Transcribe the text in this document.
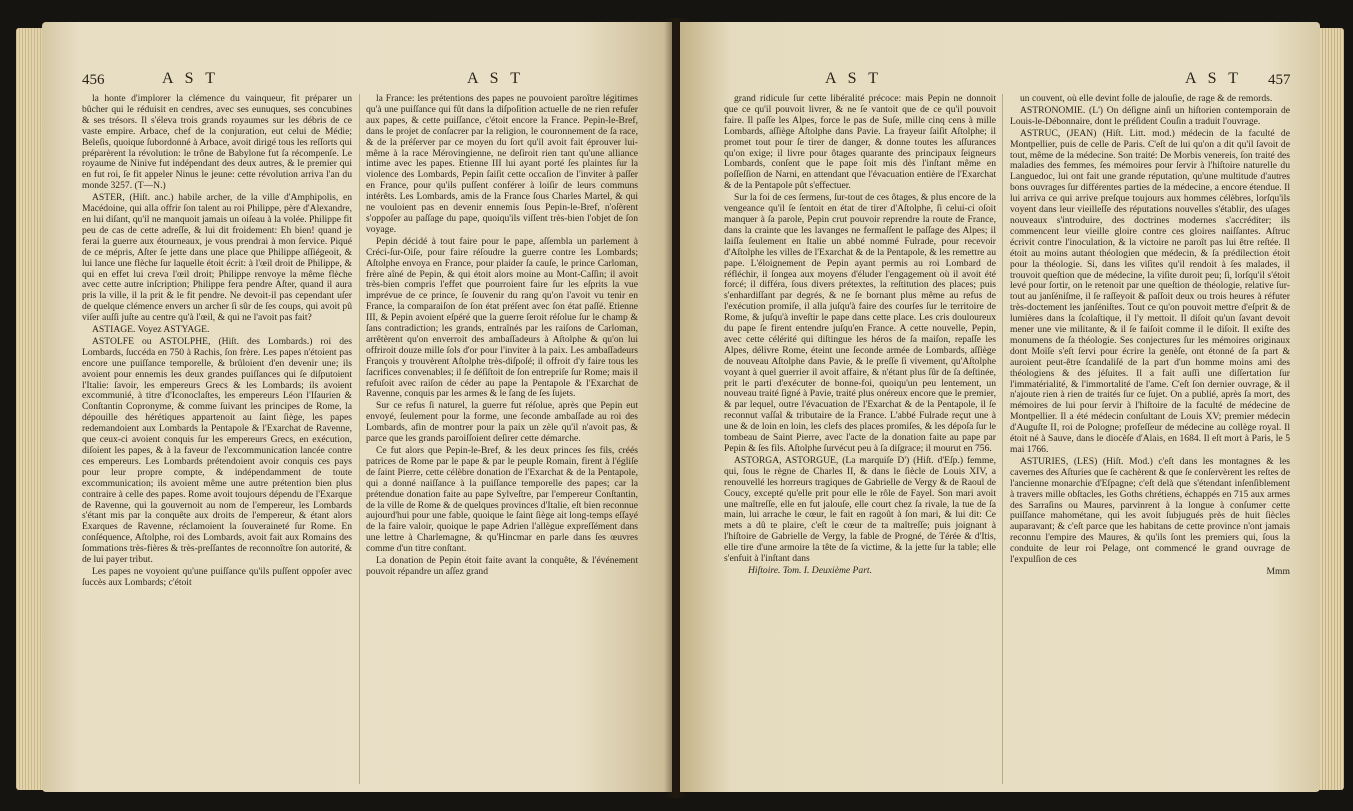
456	A S T	A S T

la honte d'implorer la clémence du vainqueur, fit préparer un bûcher qui le réduisit en cendres, avec ses eunuques, ses concubines & ses trésors. Il s'éleva trois grands royaumes sur les débris de ce vaste empire. Arbace, chef de la conjuration, eut celui de Médie; Beleſis, quoique ſubordonné à Arbace, avoit dirigé tous les reſſorts qui préparèrent la révolution: le trône de Babylone fut ſa récompenſe. Le royaume de Ninive fut indépendant des deux autres, & le premier qui en fut roi, ſe fit appeler Ninus le jeune: cette révolution arriva l'an du monde 3257. (T—N.)

ASTER, (Hiſt. anc.) habile archer, de la ville d'Amphipolis, en Macédoine, qui alla offrir ſon talent au roi Philippe, père d'Alexandre, en lui diſant, qu'il ne manquoit jamais un oiſeau à la volée. Philippe fit peu de cas de cette adreſſe, & lui dit froidement: Eh bien! quand je ferai la guerre aux étourneaux, je vous prendrai à mon ſervice. Piqué de ce mépris, Aſter ſe jette dans une place que Philippe aſſiégeoit, & lui lance une flèche ſur laquelle étoit écrit: à l'œil droit de Philippe, & qui en effet lui creva l'œil droit; Philippe renvoye la même flèche avec cette autre inſcription; Philippe fera pendre Aſter, quand il aura pris la ville, il la prit & le fit pendre. Ne devoit-il pas cependant uſer de quelque clémence envers un archer ſi sûr de ſes coups, qui avoit pû viſer auſſi juſte au centre qu'à l'œil, & qui ne l'avoit pas fait?

ASTIAGE. Voyez ASTYAGE.

ASTOLFE ou ASTOLPHE, (Hiſt. des Lombards.) roi des Lombards, ſuccéda en 750 à Rachis, ſon frère. Les papes n'étoient pas encore une puiſſance temporelle, & brûloient d'en devenir une; ils avoient pour ennemis les deux grandes puiſſances qui ſe diſputoient l'Italie: ſavoir, les empereurs Grecs & les Lombards; ils avoient excommunié, à titre d'Iconoclaſtes, les empereurs Léon l'Iſaurien & Conſtantin Copronyme, & comme ſuivant les principes de Rome, la dépouille des hérétiques appartenoit au ſaint ſiège, les papes redemandoient aux Lombards la Pentapole & l'Exarchat de Ravenne, que ceux-ci avoient conquis ſur les empereurs Grecs, en exécution, diſoient les papes, & à la faveur de l'excommunication lancée contre ces empereurs. Les Lombards prétendoient avoir conquis ces pays pour leur propre compte, & indépendamment de toute excommunication; ils avoient même une autre prétention bien plus contraire à celle des papes. Rome avoit toujours dépendu de l'Exarque de Ravenne, qui la gouvernoit au nom de l'empereur, les Lombards s'étant mis par la conquête aux droits de l'empereur, & étant alors Exarques de Ravenne, réclamoient la ſouveraineté ſur Rome. En conſéquence, Aſtolphe, roi des Lombards, avoit fait aux Romains des ſommations très-fières & très-preſſantes de reconnoître ſon autorité, & de lui payer tribut.

Les papes ne voyoient qu'une puiſſance qu'ils puſſent oppoſer avec ſuccès aux Lombards; c'étoit

la France: les prétentions des papes ne pouvoient paroître légitimes qu'à une puiſſance qui fût dans la diſpoſition actuelle de ne rien refuſer aux papes, & cette puiſſance, c'étoit encore la France. Pepin-le-Bref, dans le projet de conſacrer par la religion, le couronnement de ſa race, & de la préſerver par ce moyen du ſort qu'il avoit fait éprouver lui-même à la race Mérovingienne, ne deſiroit rien tant qu'une alliance intime avec les papes. Etienne III lui ayant porté ſes plaintes ſur la violence des Lombards, Pepin ſaiſit cette occaſion de l'inviter à paſſer en France, pour qu'ils puſſent conférer à loiſir de leurs communs intérêts. Les Lombards, amis de la France ſous Charles Martel, & qui ne vouloient pas en devenir ennemis ſous Pepin-le-Bref, n'oſèrent s'oppoſer au paſſage du pape, quoiqu'ils viſſent très-bien l'objet de ſon voyage.

Pepin décidé à tout faire pour le pape, aſſembla un parlement à Créci-ſur-Oiſe, pour faire réſoudre la guerre contre les Lombards; Aſtolphe envoya en France, pour plaider ſa cauſe, le prince Carloman, frère aîné de Pepin, & qui étoit alors moine au Mont-Caſſin; il avoit très-bien compris l'effet que pourroient faire ſur les eſprits la vue imprévue de ce prince, ſe ſouvenir du rang qu'on l'avoit vu tenir en France, la comparaiſon de ſon état préſent avec ſon état paſſé. Etienne III, & Pepin avoient eſpéré que la guerre ſeroit réſolue ſur le champ & ſans contradiction; les grands, entraînés par les raiſons de Carloman, arrêtèrent qu'on enverroit des ambaſſadeurs à Aſtolphe & qu'on lui offriroit douze mille ſols d'or pour l'inviter à la paix. Les ambaſſadeurs François y trouvèrent Aſtolphe très-diſpoſé; il offroit d'y faire tous les ſacrifices convenables; il ſe déſiſtoit de ſon entrepriſe ſur Rome; mais il refuſoit avec raiſon de céder au pape la Pentapole & l'Exarchat de Ravenne, conquis par les armes & le ſang de ſes ſujets.

Sur ce refus ſi naturel, la guerre fut réſolue, après que Pepin eut envoyé, ſeulement pour la forme, une ſeconde ambaſſade au roi des Lombards, afin de montrer pour la paix un zèle qu'il n'avoit pas, & parce que les grands paroiſſoient deſirer cette démarche.

Ce fut alors que Pepin-le-Bref, & les deux princes ſes fils, créés patrices de Rome par le pape & par le peuple Romain, firent à l'égliſe de ſaint Pierre, cette célèbre donation de l'Exarchat & de la Pentapole, qui a donné naiſſance à la puiſſance temporelle des papes; car la prétendue donation faite au pape Sylveſtre, par l'empereur Conſtantin, de la ville de Rome & de quelques provinces d'Italie, eſt bien reconnue aujourd'hui pour une fable, quoique le ſaint ſiège ait long-temps eſſayé de la faire valoir, quoique le pape Adrien l'allègue expreſſément dans une lettre à Charlemagne, & qu'Hincmar en parle dans ſes œuvres comme d'un titre conſtant.

La donation de Pepin étoit faite avant la conquête, & l'événement pouvoit répandre un aſſez grand

A S T	A S T 457

grand ridicule ſur cette libéralité précoce: mais Pepin ne donnoit que ce qu'il pouvoit livrer, & ne ſe vantoit que de ce qu'il pouvoit faire. Il paſſe les Alpes, force le pas de Suſe, mille cinq cens à mille Lombards, aſſiège Aſtolphe dans Pavie. La frayeur ſaiſit Aſtolphe; il promet tout pour ſe tirer de danger, & donne toutes les aſſurances qu'on exige; il livre pour ôtages quarante des principaux ſeigneurs Lombards, conſent que le pape ſoit mis dès l'inſtant même en poſſeſſion de Narni, en attendant que l'évacuation entière de l'Exarchat & de la Pentapole pût s'effectuer.

Sur la foi de ces ſermens, ſur-tout de ces ôtages, & plus encore de la vengeance qu'il ſe ſentoit en état de tirer d'Aſtolphe, ſi celui-ci oſoit manquer à ſa parole, Pepin crut pouvoir reprendre la route de France, dans la crainte que les lavanges ne fermaſſent le paſſage des Alpes; il laiſſa ſeulement en Italie un abbé nommé Fulrade, pour recevoir d'Aſtolphe les villes de l'Exarchat & de la Pentapole, & les remettre au pape. L'éloignement de Pepin ayant permis au roi Lombard de réfléchir, il ſongea aux moyens d'éluder l'engagement où il avoit été forcé; il différa, ſous divers prétextes, la reſtitution des places; puis s'enhardiſſant par degrés, & ne ſe bornant plus même au refus de l'exécution promiſe, il alla juſqu'à faire des courſes ſur le territoire de Rome, & juſqu'à inveſtir le pape dans cette place. Les cris douloureux du pape ſe firent entendre juſqu'en France. A cette nouvelle, Pepin, avec cette célérité qui diſtingue les héros de ſa maiſon, repaſſe les Alpes, délivre Rome, éteint une ſeconde armée de Lombards, aſſiège de nouveau Aſtolphe dans Pavie, & le preſſe ſi vivement, qu'Aſtolphe voyant à quel guerrier il avoit affaire, & n'étant plus ſûr de ſa deſtinée, prit le parti d'exécuter de bonne-foi, quoiqu'un peu lentement, un nouveau traité ſigné à Pavie, traité plus onéreux encore que le premier, & par lequel, outre l'évacuation de l'Exarchat & de la Pentapole, il ſe reconnut vaſſal & tributaire de la France. L'abbé Fulrade reçut une à une & de loin en loin, les clefs des places promiſes, & les dépoſa ſur le tombeau de Saint Pierre, avec l'acte de la donation faite au pape par Pepin & ſes fils. Aſtolphe ſurvécut peu à ſa diſgrace; il mourut en 756.

ASTORGA, ASTORGUE, (La marquiſe D') (Hiſt. d'Eſp.) femme, qui, ſous le règne de Charles II, & dans le ſiècle de Louis XIV, a renouvellé les horreurs tragiques de Gabrielle de Vergy & de Raoul de Coucy, excepté qu'elle prit pour elle le rôle de Fayel. Son mari avoit une maîtreſſe, elle en fut jalouſe, elle court chez ſa rivale, la tue de ſa main, lui arrache le cœur, le fait en ragoût à ſon mari, & lui dit: Ce mets a dû te plaire, c'eſt le cœur de ta maîtreſſe; puis joignant à l'hiſtoire de Gabrielle de Vergy, la fable de Progné, de Térée & d'Itis, elle tire d'une armoire la tête de ſa victime, & la jette ſur la table; elle s'enfuit à l'inſtant dans

Hiſtoire. Tom. I. Deuxième Part.

un couvent, où elle devint folle de jalouſie, de rage & de remords.

ASTRONOMIE. (L') On déſigne ainſi un hiſtorien contemporain de Louis-le-Débonnaire, dont le préſident Couſin a traduit l'ouvrage.

ASTRUC, (JEAN) (Hiſt. Litt. mod.) médecin de la faculté de Montpellier, puis de celle de Paris. C'eſt de lui qu'on a dit qu'il ſavoit de tout, même de la médecine. Son traité: De Morbis venereis, ſon traité des maladies des femmes, ſes mémoires pour ſervir à l'hiſtoire naturelle du Languedoc, lui ont fait une grande réputation, qu'une multitude d'autres bons ouvrages ſur différentes parties de la médecine, a encore étendue. Il lui arriva ce qui arrive preſque toujours aux hommes célèbres, lorſqu'ils voyent dans leur vieilleſſe des réputations nouvelles s'établir, des uſages nouveaux s'introduire, des doctrines modernes s'accréditer; ils commencent leur vieille gloire contre ces gloires naiſſantes. Aſtruc écrivit contre l'inoculation, & la victoire ne paroît pas lui être reſtée. Il étoit au moins autant théologien que médecin, & ſa prédilection étoit pour la théologie. Si, dans les viſites qu'il rendoit à ſes malades, il trouvoit queſtion que de médecine, la viſite duroit peu; ſi, lorſqu'il s'étoit levé pour ſortir, on le retenoit par une queſtion de théologie, relative ſur-tout au janſéniſme, il ſe raſſeyoit & paſſoit deux ou trois heures à réfuter très-doctement les janſéniſtes. Tout ce qu'on pouvoit mettre d'eſprit & de lumières dans la ſcolaſtique, il l'y mettoit. Il diſoit qu'un ſavant devoit mener une vie militante, & il ſe faiſoit comme il le diſoit. Il exiſte des monumens de ſa théologie. Ses conjectures ſur les mémoires originaux dont Moïſe s'eſt ſervi pour écrire la genèſe, ont étonné de ſa part & auroient peut-être ſcandaliſé de la part d'un homme moins ami des théologiens & des jéſuites. Il a fait auſſi une diſſertation ſur l'immatérialité, & l'immortalité de l'ame. C'eſt ſon dernier ouvrage, & il n'ajoute rien à rien de traités ſur ce ſujet. On a publié, après ſa mort, des mémoires de lui pour ſervir à l'hiſtoire de la faculté de médecine de Montpellier. Il a été médecin conſultant de Louis XV; premier médecin d'Auguſte II, roi de Pologne; profeſſeur de médecine au collège royal. Il étoit né à Sauve, dans le diocèſe d'Alais, en 1684. Il eſt mort à Paris, le 5 mai 1766.

ASTURIES, (LES) (Hiſt. Mod.) c'eſt dans les montagnes & les cavernes des Aſturies que ſe cachèrent & que ſe conſervèrent les reſtes de l'ancienne monarchie d'Eſpagne; c'eſt delà que s'étendant inſenſiblement à travers mille obſtacles, les Goths chrétiens, échappés en 715 aux armes des Sarraſins ou Maures, parvinrent à la longue à conſumer cette puiſſance mahométane, qui les avoit ſubjugués près de huit ſiècles auparavant; & c'eſt parce que les habitans de cette province n'ont jamais reconnu l'empire des Maures, & qu'ils ſont les premiers qui, ſous la conduite de leur roi Pelage, ont commencé le grand ouvrage de l'expulſion de ces

Mmm
